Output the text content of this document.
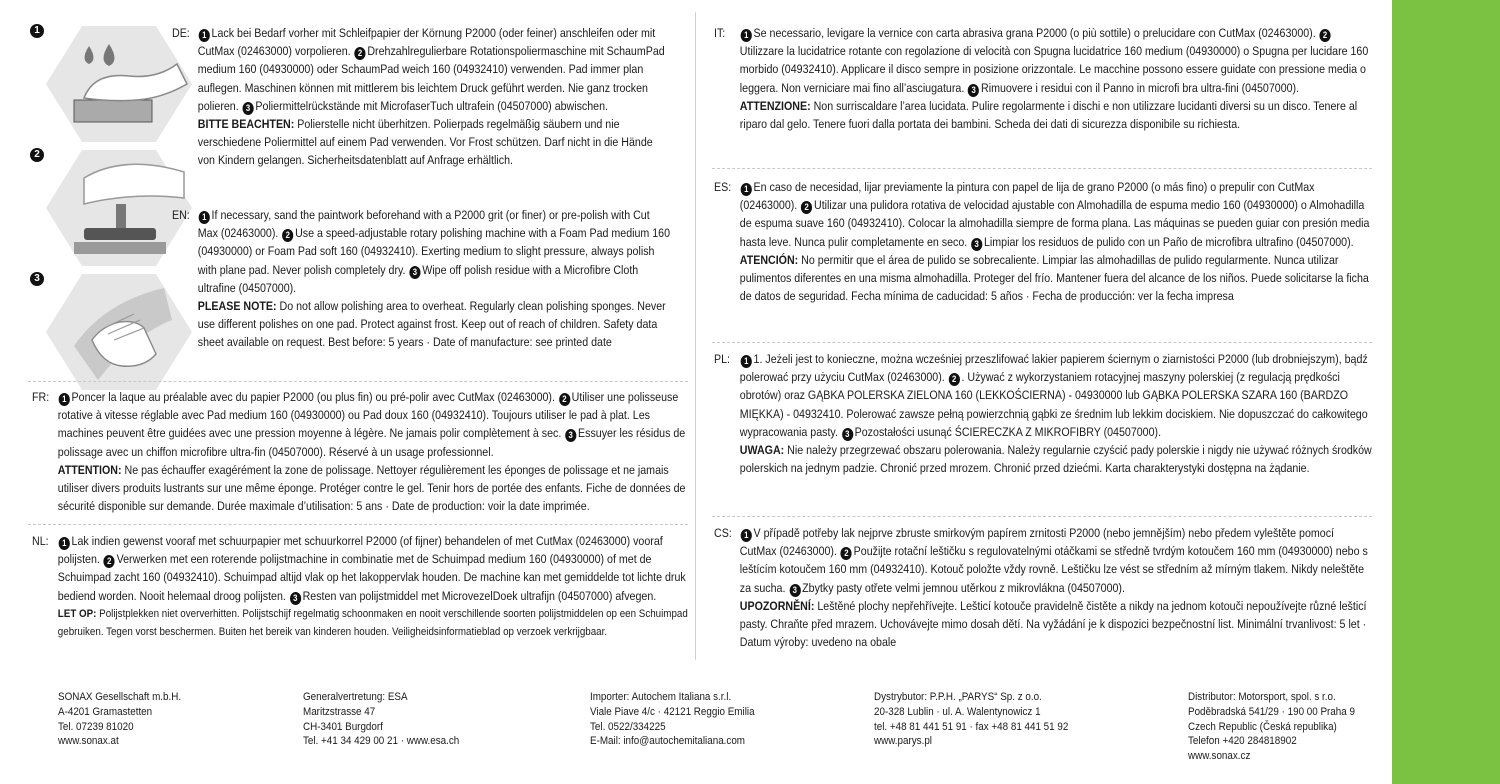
1
2
3
DE:	1 Lack bei Bedarf vorher mit Schleifpapier der Körnung P2000 (oder feiner) anschleifen oder mit CutMax (02463000) vorpolieren. 2 Drehzahlregulierbare Rotationspoliermaschine mit SchaumPad medium 160 (04930000) oder SchaumPad weich 160 (04932410) verwenden. Pad immer plan auflegen. Maschinen können mit mittlerem bis leichtem Druck geführt werden. Nie ganz trocken polieren. 3 Poliermittelrückstände mit MicrofaserTuch ultrafein (04507000) abwischen.

BITTE BEACHTEN: Polierstelle nicht überhitzen. Polierpads regelmäßig säubern und nie verschiedene Poliermittel auf einem Pad verwenden. Vor Frost schützen. Darf nicht in die Hände von Kindern gelangen. Sicherheitsdatenblatt auf Anfrage erhältlich.

EN:	1 If necessary, sand the paintwork beforehand with a P2000 grit (or finer) or pre-polish with Cut Max (02463000). 2 Use a speed-adjustable rotary polishing machine with a Foam Pad medium 160 (04930000) or Foam Pad soft 160 (04932410). Exerting medium to slight pressure, always polish with plane pad. Never polish completely dry. 3 Wipe off polish residue with a Microfibre Cloth ultrafine (04507000).

PLEASE NOTE: Do not allow polishing area to overheat. Regularly clean polishing sponges. Never use different polishes on one pad. Protect against frost. Keep out of reach of children. Safety data sheet available on request. Best before: 5 years · Date of manufacture: see printed date

FR:	1 Poncer la laque au préalable avec du papier P2000 (ou plus fin) ou pré-polir avec CutMax (02463000). 2 Utiliser une polisseuse rotative à vitesse réglable avec Pad medium 160 (04930000) ou Pad doux 160 (04932410). Toujours utiliser le pad à plat. Les machines peuvent être guidées avec une pression moyenne à légère. Ne jamais polir complètement à sec. 3 Essuyer les résidus de polissage avec un chiffon microfibre ultra-fin (04507000). Réservé à un usage professionnel.

ATTENTION: Ne pas échauffer exagérément la zone de polissage. Nettoyer régulièrement les éponges de polissage et ne jamais utiliser divers produits lustrants sur une même éponge. Protéger contre le gel. Tenir hors de portée des enfants. Fiche de données de sécurité disponible sur demande. Durée maximale d’utilisation: 5 ans · Date de production: voir la date imprimée.

NL:	1 Lak indien gewenst vooraf met schuurpapier met schuurkorrel P2000 (of fijner) behandelen of met CutMax (02463000) vooraf polijsten. 2 Verwerken met een roterende polijstmachine in combinatie met de Schuimpad medium 160 (04930000) of met de Schuimpad zacht 160 (04932410). Schuimpad altijd vlak op het lakoppervlak houden. De machine kan met gemiddelde tot lichte druk bediend worden. Nooit helemaal droog polijsten. 3 Resten van polijstmiddel met MicrovezelDoek ultrafijn (04507000) afvegen.

LET OP: Polijstplekken niet oververhitten. Polijstschijf regelmatig schoonmaken en nooit verschillende soorten polijstmiddelen op een Schuimpad gebruiken. Tegen vorst beschermen. Buiten het bereik van kinderen houden. Veiligheidsinformatieblad op verzoek verkrijgbaar.

IT:	1 Se necessario, levigare la vernice con carta abrasiva grana P2000 (o più sottile) o prelucidare con CutMax (02463000). 2Utilizzare la lucidatrice rotante con regolazione di velocità con Spugna lucidatrice 160 medium (04930000) o Spugna per lucidare 160 morbido (04932410). Applicare il disco sempre in posizione orizzontale. Le macchine possono essere guidate con pressione media o leggera. Non verniciare mai fino all’asciugatura. 3 Rimuovere i residui con il Panno in microfi bra ultra-fini (04507000).

ATTENZIONE: Non surriscaldare l’area lucidata. Pulire regolarmente i dischi e non utilizzare lucidanti diversi su un disco. Tenere al riparo dal gelo. Tenere fuori dalla portata dei bambini. Scheda dei dati di sicurezza disponibile su richiesta.

ES:	1 En caso de necesidad, lijar previamente la pintura con papel de lija de grano P2000 (o más fino) o prepulir con CutMax (02463000). 2 Utilizar una pulidora rotativa de velocidad ajustable con Almohadilla de espuma medio 160 (04930000) o Almohadilla de espuma suave 160 (04932410). Colocar la almohadilla siempre de forma plana. Las máquinas se pueden guiar con presión media hasta leve. Nunca pulir completamente en seco. 3 Limpiar los residuos de pulido con un Paño de microfibra ultrafino (04507000).

ATENCIÓN: No permitir que el área de pulido se sobrecaliente. Limpiar las almohadillas de pulido regularmente. Nunca utilizar pulimentos diferentes en una misma almohadilla. Proteger del frío. Mantener fuera del alcance de los niños. Puede solicitarse la ficha de datos de seguridad. Fecha mínima de caducidad: 5 años · Fecha de producción: ver la fecha impresa

PL:	1 1. Jeżeli jest to konieczne, można wcześniej przeszlifować lakier papierem ściernym o ziarnistości P2000 (lub drobniejszym), bądź polerować przy użyciu CutMax (02463000). 2 . Używać z wykorzystaniem rotacyjnej maszyny polerskiej (z regulacją prędkości obrotów) oraz GĄBKA POLERSKA ZIELONA 160 (LEKKOŚCIERNA) - 04930000 lub GĄBKA POLERSKA SZARA 160 (BARDZO MIĘKKA) - 04932410. Polerować zawsze pełną powierzchnią gąbki ze średnim lub lekkim dociskiem. Nie dopuszczać do całkowitego wypracowania pasty. 3 Pozostałości usunąć ŚCIERECZKA Z MIKROFIBRY (04507000).

UWAGA: Nie należy przegrzewać obszaru polerowania. Należy regularnie czyścić pady polerskie i nigdy nie używać różnych środków polerskich na jednym padzie. Chronić przed mrozem. Chronić przed dziećmi. Karta charakterystyki dostępna na żądanie.

CS:	1 V případě potřeby lak nejprve zbruste smirkovým papírem zrnitosti P2000 (nebo jemnějším) nebo předem vyleštěte pomocí CutMax (02463000). 2 Použijte rotační leštičku s regulovatelnými otáčkami se středně tvrdým kotoučem 160 mm (04930000) nebo s leštícím kotoučem 160 mm (04932410). Kotouč položte vždy rovně. Leštičku lze vést se středním až mírným tlakem. Nikdy neleštěte za sucha. 3 Zbytky pasty otřete velmi jemnou utěrkou z mikrovlákna (04507000).

UPOZORNĚNÍ: Leštěné plochy nepřehřívejte. Lešticí kotouče pravidelně čistěte a nikdy na jednom kotouči nepoužívejte různé lešticí pasty. Chraňte před mrazem. Uchovávejte mimo dosah dětí. Na vyžádání je k dispozici bezpečnostní list. Minimální trvanlivost: 5 let · Datum výroby: uvedeno na obale

SONAX Gesellschaft m.b.H.
A-4201 Gramastetten
Tel. 07239 81020
www.sonax.at
Generalvertretung: ESA
Maritzstrasse 47
CH-3401 Burgdorf
Tel. +41 34 429 00 21 · www.esa.ch
Importer: Autochem Italiana s.r.l.
Viale Piave 4/c · 42121 Reggio Emilia
Tel. 0522/334225
E-Mail: info@autochemitaliana.com
Dystrybutor: P.P.H. „PARYS“ Sp. z o.o.
20-328 Lublin · ul. A. Walentynowicz 1
tel. +48 81 441 51 91 · fax +48 81 441 51 92
www.parys.pl
Distributor: Motorsport, spol. s r.o.
Poděbradská 541/29 · 190 00 Praha 9
Czech Republic (Česká republika)
Telefon +420 284818902
www.sonax.cz
